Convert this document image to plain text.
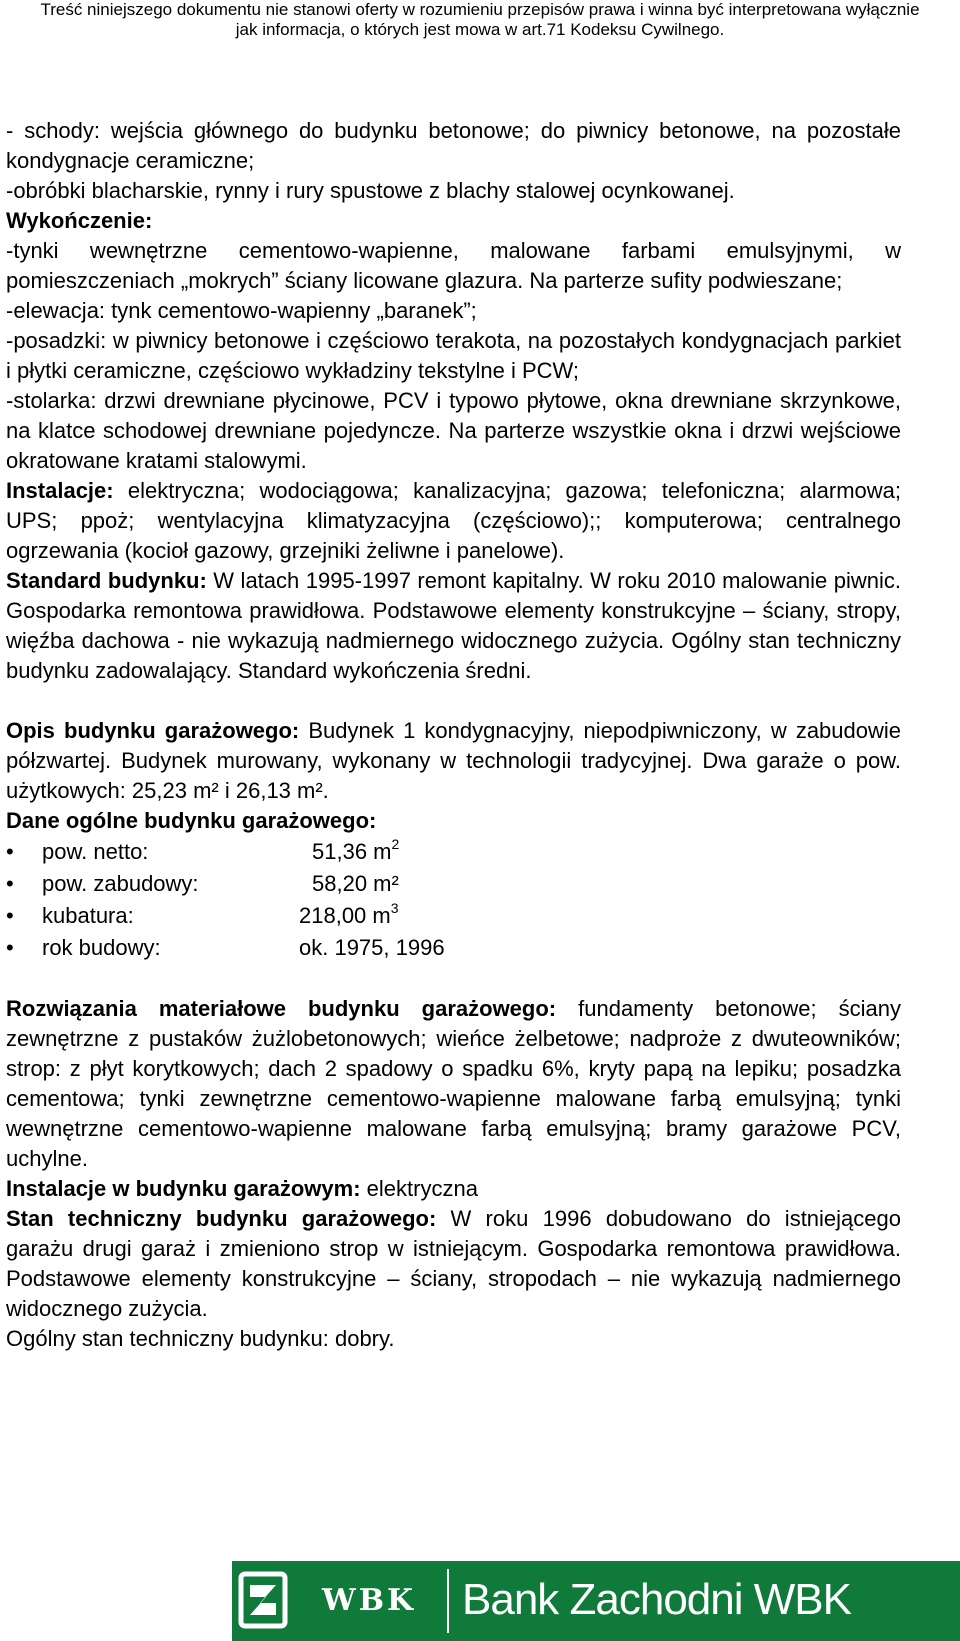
Treść niniejszego dokumentu nie stanowi oferty w rozumieniu przepisów prawa i winna być interpretowana wyłącznie
jak informacja, o których jest mowa w art.71 Kodeksu Cywilnego.

- schody: wejścia głównego do budynku betonowe; do piwnicy betonowe, na pozostałe kondygnacje ceramiczne;

-obróbki blacharskie, rynny i rury spustowe z blachy stalowej ocynkowanej.

Wykończenie:

-tynki wewnętrzne cementowo-wapienne, malowane farbami emulsyjnymi, w pomieszczeniach „mokrych” ściany licowane glazura. Na parterze sufity podwieszane;

-elewacja: tynk cementowo-wapienny „baranek”;

-posadzki: w piwnicy betonowe i częściowo terakota, na pozostałych kondygnacjach parkiet i płytki ceramiczne, częściowo wykładziny tekstylne i PCW;

-stolarka: drzwi drewniane płycinowe, PCV i typowo płytowe, okna drewniane skrzynkowe, na klatce schodowej drewniane pojedyncze. Na parterze wszystkie okna i drzwi wejściowe okratowane kratami stalowymi.

Instalacje: elektryczna; wodociągowa; kanalizacyjna; gazowa; telefoniczna; alarmowa; UPS; ppoż; wentylacyjna klimatyzacyjna (częściowo);; komputerowa; centralnego ogrzewania (kocioł gazowy, grzejniki żeliwne i panelowe).

Standard budynku: W latach 1995-1997 remont kapitalny. W roku 2010 malowanie piwnic. Gospodarka remontowa prawidłowa. Podstawowe elementy konstrukcyjne – ściany, stropy, więźba dachowa - nie wykazują nadmiernego widocznego zużycia. Ogólny stan techniczny budynku zadowalający. Standard wykończenia średni.

Opis budynku garażowego: Budynek 1 kondygnacyjny, niepodpiwniczony, w zabudowie półzwartej. Budynek murowany, wykonany w technologii tradycyjnej. Dwa garaże o pow. użytkowych: 25,23 m² i 26,13 m².

Dane ogólne budynku garażowego:

• pow. netto:	51,36 $m^2$
• pow. zabudowy:	58,20 m²
• kubatura:	218,00 $m^3$
• rok budowy:	ok. 1975, 1996

Rozwiązania materiałowe budynku garażowego: fundamenty betonowe; ściany zewnętrzne z pustaków żużlobetonowych; wieńce żelbetowe; nadproże z dwuteowników; strop: z płyt korytkowych; dach 2 spadowy o spadku 6%, kryty papą na lepiku; posadzka cementowa; tynki zewnętrzne cementowo-wapienne malowane farbą emulsyjną; tynki wewnętrzne cementowo-wapienne malowane farbą emulsyjną; bramy garażowe PCV, uchylne.

Instalacje w budynku garażowym: elektryczna

Stan techniczny budynku garażowego: W roku 1996 dobudowano do istniejącego garażu drugi garaż i zmieniono strop w istniejącym. Gospodarka remontowa prawidłowa. Podstawowe elementy konstrukcyjne – ściany, stropodach – nie wykazują nadmiernego widocznego zużycia.

Ogólny stan techniczny budynku: dobry.

WBK Bank Zachodni WBK
